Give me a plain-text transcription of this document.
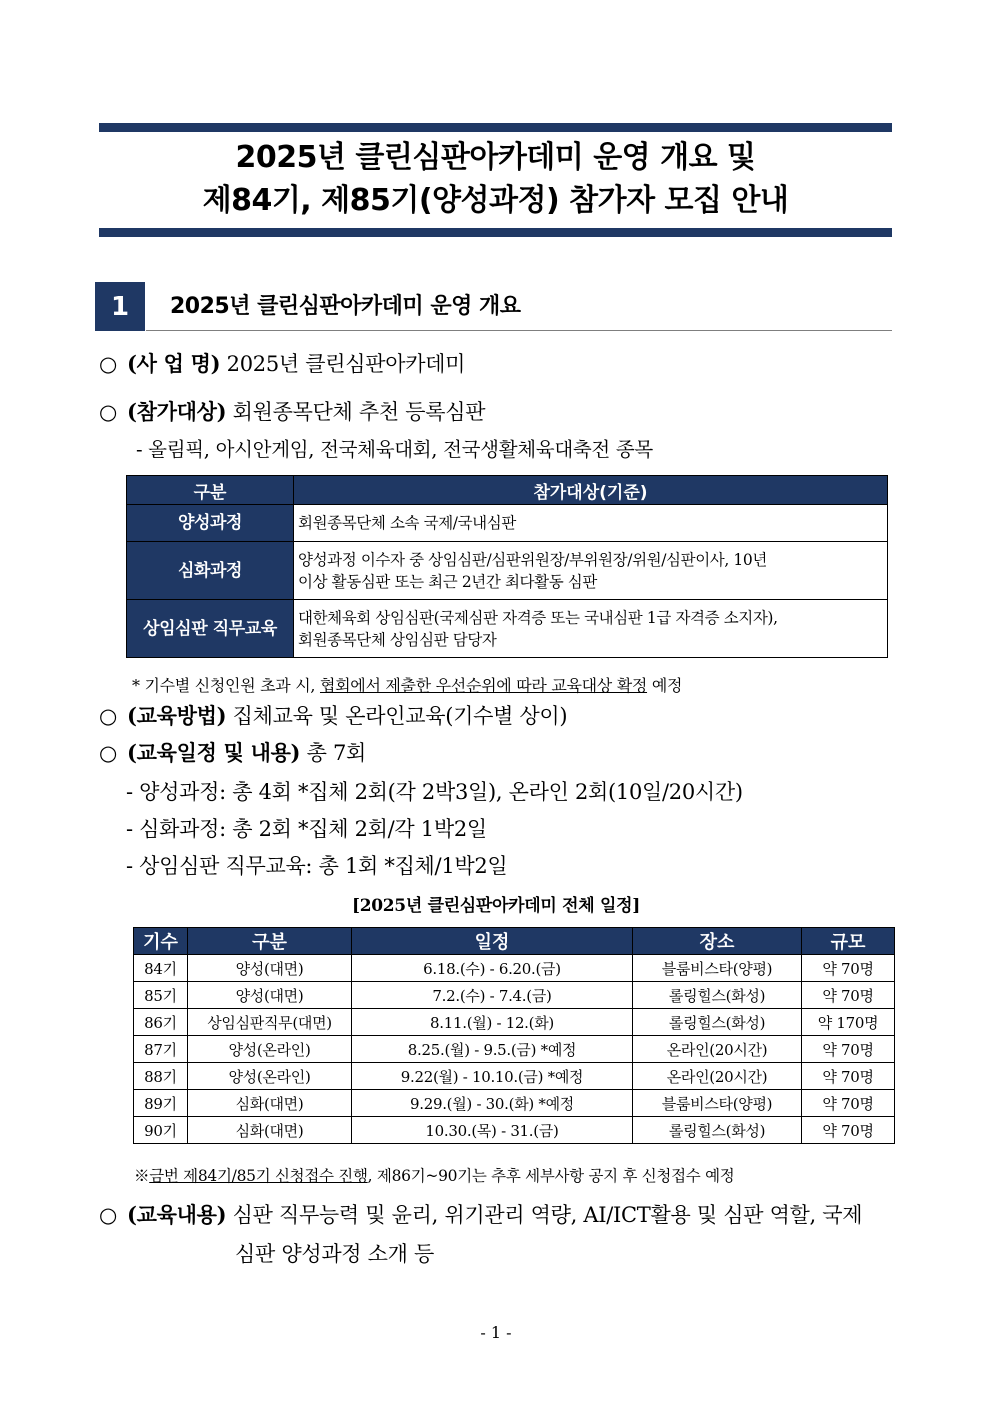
2025년 클린심판아카데미 운영 개요 및
제84기, 제85기(양성과정) 참가자 모집 안내
1	2025년 클린심판아카데미 운영 개요
○ (사 업 명) 2025년 클린심판아카데미
○ (참가대상) 회원종목단체 추천 등록심판
- 올림픽, 아시안게임, 전국체육대회, 전국생활체육대축전 종목
구분	참가대상(기준)
양성과정	회원종목단체 소속 국제/국내심판
심화과정	양성과정 이수자 중 상임심판/심판위원장/부위원장/위원/심판이사, 10년
이상 활동심판 또는 최근 2년간 최다활동 심판
상임심판 직무교육	대한체육회 상임심판(국제심판 자격증 또는 국내심판 1급 자격증 소지자),
회원종목단체 상임심판 담당자
* 기수별 신청인원 초과 시, 협회에서 제출한 우선순위에 따라 교육대상 확정 예정
○ (교육방법) 집체교육 및 온라인교육(기수별 상이)
○ (교육일정 및 내용) 총 7회
- 양성과정: 총 4회 *집체 2회(각 2박3일), 온라인 2회(10일/20시간)
- 심화과정: 총 2회 *집체 2회/각 1박2일
- 상임심판 직무교육: 총 1회 *집체/1박2일
[2025년 클린심판아카데미 전체 일정]
기수	구분	일정	장소	규모
84기	양성(대면)	6.18.(수) - 6.20.(금)	블룸비스타(양평)	약 70명
85기	양성(대면)	7.2.(수) - 7.4.(금)	롤링힐스(화성)	약 70명
86기	상임심판직무(대면)	8.11.(월) - 12.(화)	롤링힐스(화성)	약 170명
87기	양성(온라인)	8.25.(월) - 9.5.(금) *예정	온라인(20시간)	약 70명
88기	양성(온라인)	9.22(월) - 10.10.(금) *예정	온라인(20시간)	약 70명
89기	심화(대면)	9.29.(월) - 30.(화) *예정	블룸비스타(양평)	약 70명
90기	심화(대면)	10.30.(목) - 31.(금)	롤링힐스(화성)	약 70명
※금번 제84기/85기 신청접수 진행, 제86기~90기는 추후 세부사항 공지 후 신청접수 예정
○ (교육내용) 심판 직무능력 및 윤리, 위기관리 역량, AI/ICT활용 및 심판 역할, 국제
심판 양성과정 소개 등
- 1 -
